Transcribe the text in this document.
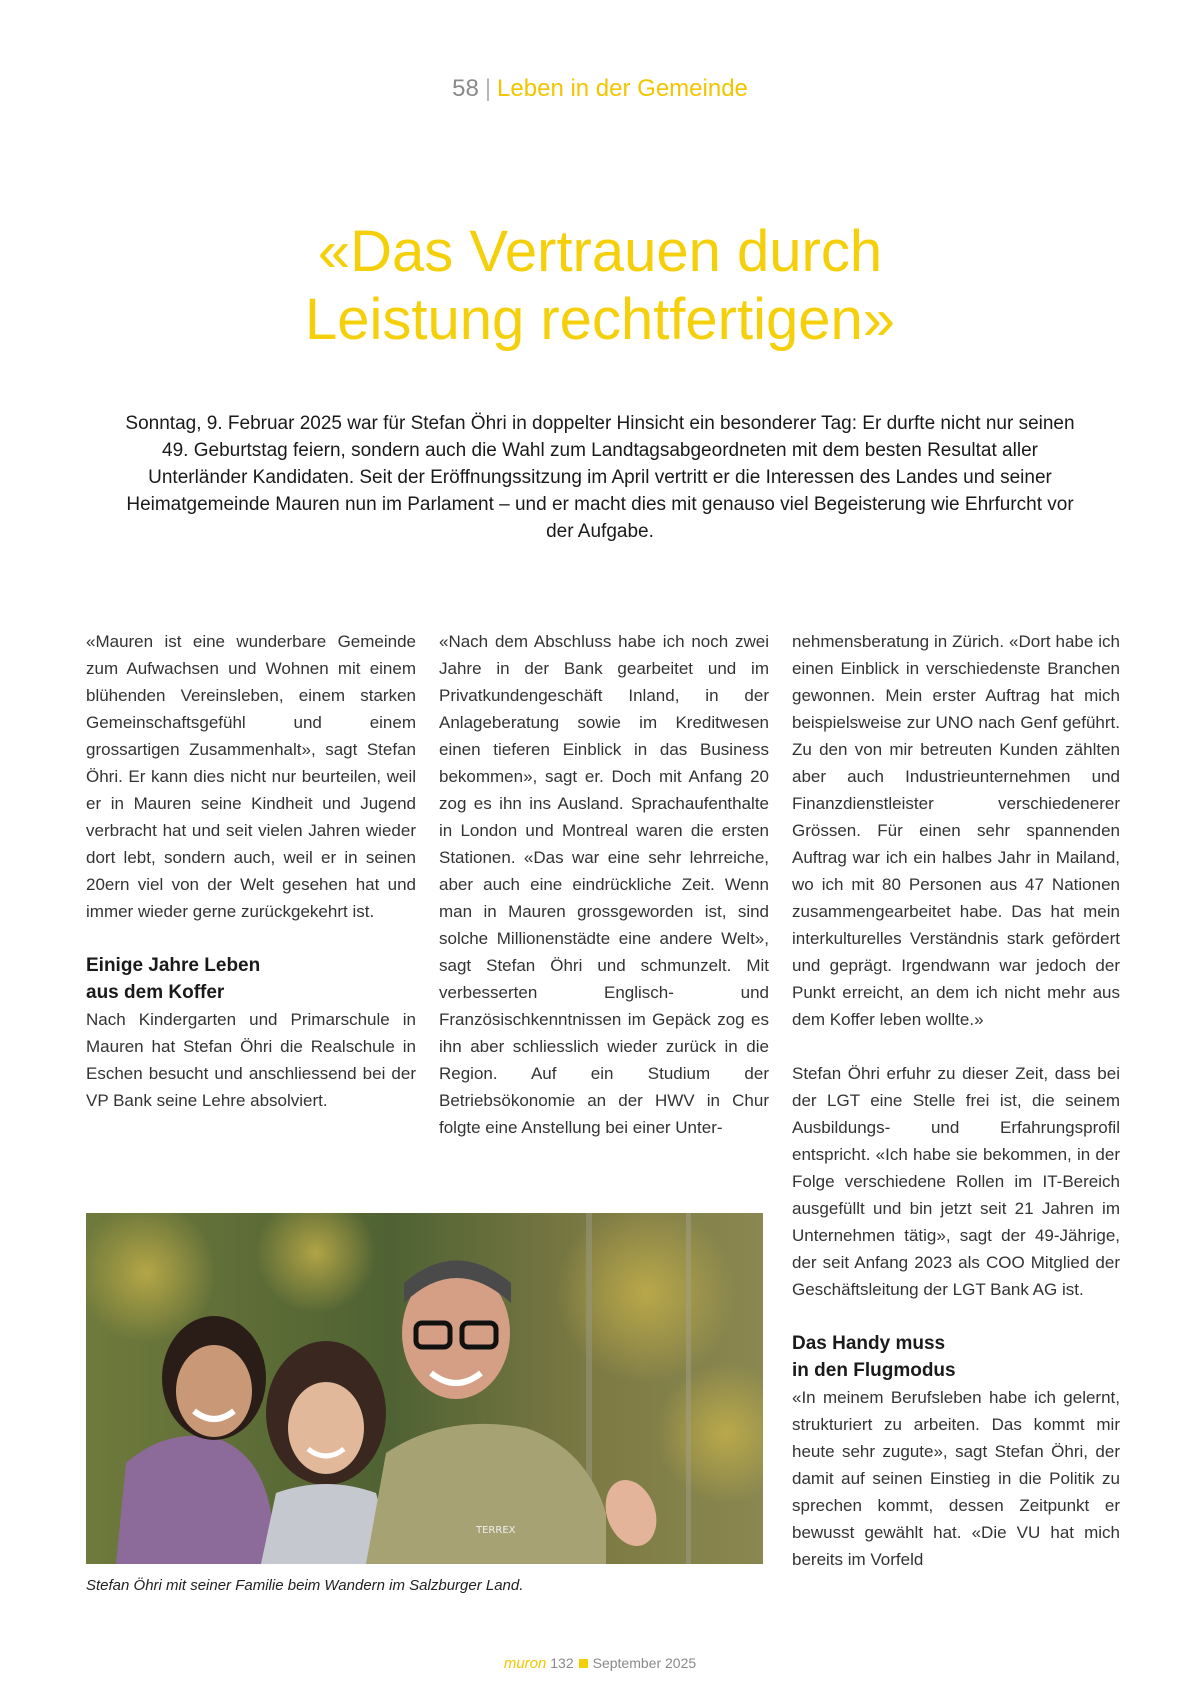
58 | Leben in der Gemeinde
«Das Vertrauen durch
Leistung rechtfertigen»

Sonntag, 9. Februar 2025 war für Stefan Öhri in doppelter Hinsicht ein besonderer Tag: Er durfte nicht nur seinen 49. Geburtstag feiern, sondern auch die Wahl zum Landtagsabgeordneten mit dem besten Resultat aller Unterländer Kandidaten. Seit der Eröffnungssitzung im April vertritt er die Interessen des Landes und seiner Heimatgemeinde Mauren nun im Parlament – und er macht dies mit genauso viel Begeisterung wie Ehrfurcht vor der Aufgabe.

«Mauren ist eine wunderbare Gemeinde zum Aufwachsen und Wohnen mit einem blühenden Vereinsleben, einem starken Gemeinschaftsgefühl und einem grossartigen Zusammenhalt», sagt Stefan Öhri. Er kann dies nicht nur beurteilen, weil er in Mauren seine Kindheit und Jugend verbracht hat und seit vielen Jahren wieder dort lebt, sondern auch, weil er in seinen 20ern viel von der Welt gesehen hat und immer wieder gerne zurückgekehrt ist.

Einige Jahre Leben
aus dem Koffer

Nach Kindergarten und Primarschule in Mauren hat Stefan Öhri die Realschule in Eschen besucht und anschliessend bei der VP Bank seine Lehre absolviert.

«Nach dem Abschluss habe ich noch zwei Jahre in der Bank gearbeitet und im Privatkundengeschäft Inland, in der Anlageberatung sowie im Kreditwesen einen tieferen Einblick in das Business bekommen», sagt er. Doch mit Anfang 20 zog es ihn ins Ausland. Sprachaufenthalte in London und Montreal waren die ersten Stationen. «Das war eine sehr lehrreiche, aber auch eine eindrückliche Zeit. Wenn man in Mauren grossgeworden ist, sind solche Millionenstädte eine andere Welt», sagt Stefan Öhri und schmunzelt. Mit verbesserten Englisch- und Französischkenntnissen im Gepäck zog es ihn aber schliesslich wieder zurück in die Region. Auf ein Studium der Betriebsökonomie an der HWV in Chur folgte eine Anstellung bei einer Unter-

nehmensberatung in Zürich. «Dort habe ich einen Einblick in verschiedenste Branchen gewonnen. Mein erster Auftrag hat mich beispielsweise zur UNO nach Genf geführt. Zu den von mir betreuten Kunden zählten aber auch Industrieunternehmen und Finanzdienstleister verschiedenerer Grössen. Für einen sehr spannenden Auftrag war ich ein halbes Jahr in Mailand, wo ich mit 80 Personen aus 47 Nationen zusammengearbeitet habe. Das hat mein interkulturelles Verständnis stark gefördert und geprägt. Irgendwann war jedoch der Punkt erreicht, an dem ich nicht mehr aus dem Koffer leben wollte.»

Stefan Öhri erfuhr zu dieser Zeit, dass bei der LGT eine Stelle frei ist, die seinem Ausbildungs- und Erfahrungsprofil entspricht. «Ich habe sie bekommen, in der Folge verschiedene Rollen im IT-Bereich ausgefüllt und bin jetzt seit 21 Jahren im Unternehmen tätig», sagt der 49-Jährige, der seit Anfang 2023 als COO Mitglied der Geschäftsleitung der LGT Bank AG ist.

Das Handy muss
in den Flugmodus

«In meinem Berufsleben habe ich gelernt, strukturiert zu arbeiten. Das kommt mir heute sehr zugute», sagt Stefan Öhri, der damit auf seinen Einstieg in die Politik zu sprechen kommt, dessen Zeitpunkt er bewusst gewählt hat. «Die VU hat mich bereits im Vorfeld

TERREX
Stefan Öhri mit seiner Familie beim Wandern im Salzburger Land.
muron 132 September 2025
